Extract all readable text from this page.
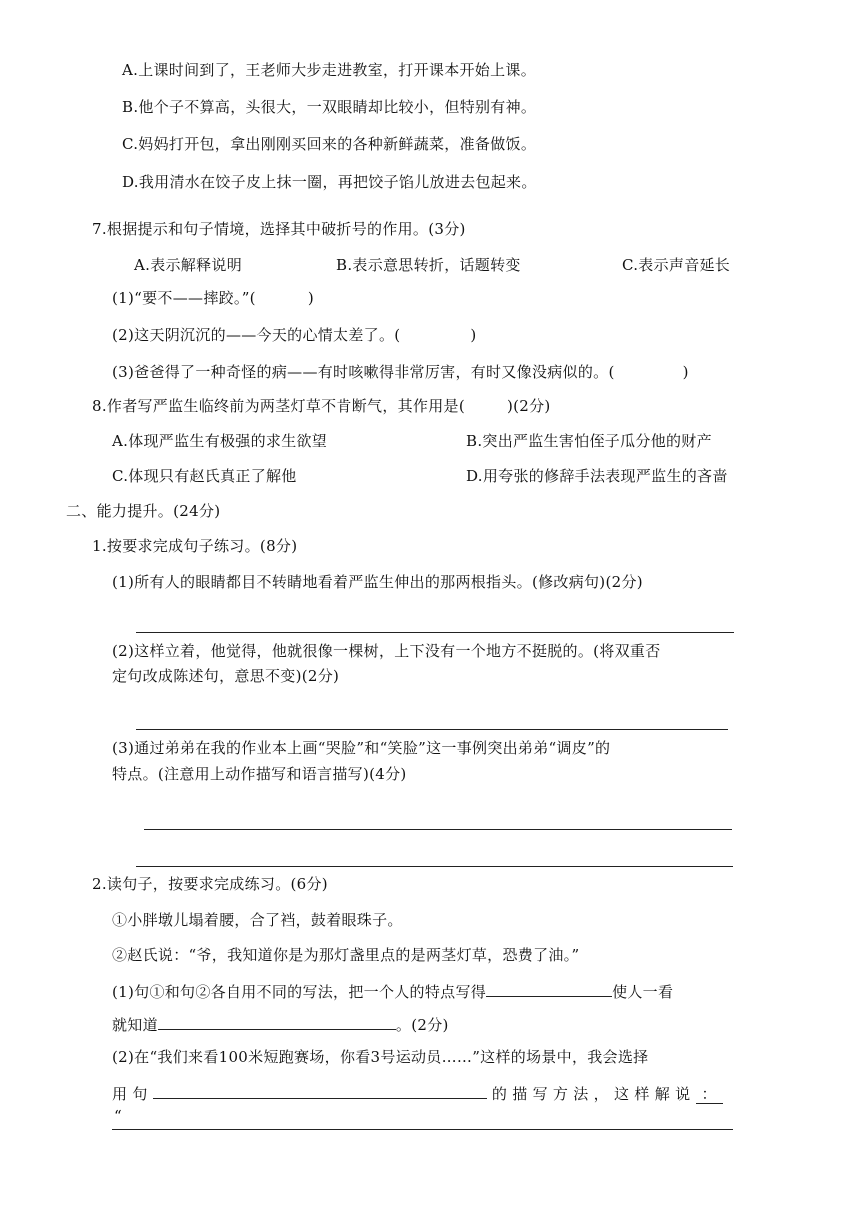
A.上课时间到了，王老师大步走进教室，打开课本开始上课。
B.他个子不算高，头很大，一双眼睛却比较小，但特别有神。
C.妈妈打开包，拿出刚刚买回来的各种新鲜蔬菜，准备做饭。
D.我用清水在饺子皮上抹一圈，再把饺子馅儿放进去包起来。
7.根据提示和句子情境，选择其中破折号的作用。(3分)
A.表示解释说明	B.表示意思转折，话题转变	C.表示声音延长
(1)“要不——摔跤。”(	)
(2)这天阴沉沉的——今天的心情太差了。(	)
(3)爸爸得了一种奇怪的病——有时咳嗽得非常厉害，有时又像没病似的。(	)
8.作者写严监生临终前为两茎灯草不肯断气，其作用是(	)(2分)
A.体现严监生有极强的求生欲望	B.突出严监生害怕侄子瓜分他的财产
C.体现只有赵氏真正了解他	D.用夸张的修辞手法表现严监生的吝啬
二、能力提升。(24分)
1.按要求完成句子练习。(8分)
(1)所有人的眼睛都目不转睛地看着严监生伸出的那两根指头。(修改病句)(2分)
(2)这样立着，他觉得，他就很像一棵树，上下没有一个地方不挺脱的。(将双重否
定句改成陈述句，意思不变)(2分)
(3)通过弟弟在我的作业本上画“哭脸”和“笑脸”这一事例突出弟弟“调皮”的
特点。(注意用上动作描写和语言描写)(4分)
2.读句子，按要求完成练习。(6分)
①小胖墩儿塌着腰，合了裆，鼓着眼珠子。
②赵氏说：“爷，我知道你是为那灯盏里点的是两茎灯草，恐费了油。”
(1)句①和句②各自用不同的写法，把一个人的特点写得	使人一看
就知道	。(2分)
(2)在“我们来看100米短跑赛场，你看3号运动员……”这样的场景中，我会选择
用 句	的 描 写 方 法 ， 这 样 解 说 ：
“
